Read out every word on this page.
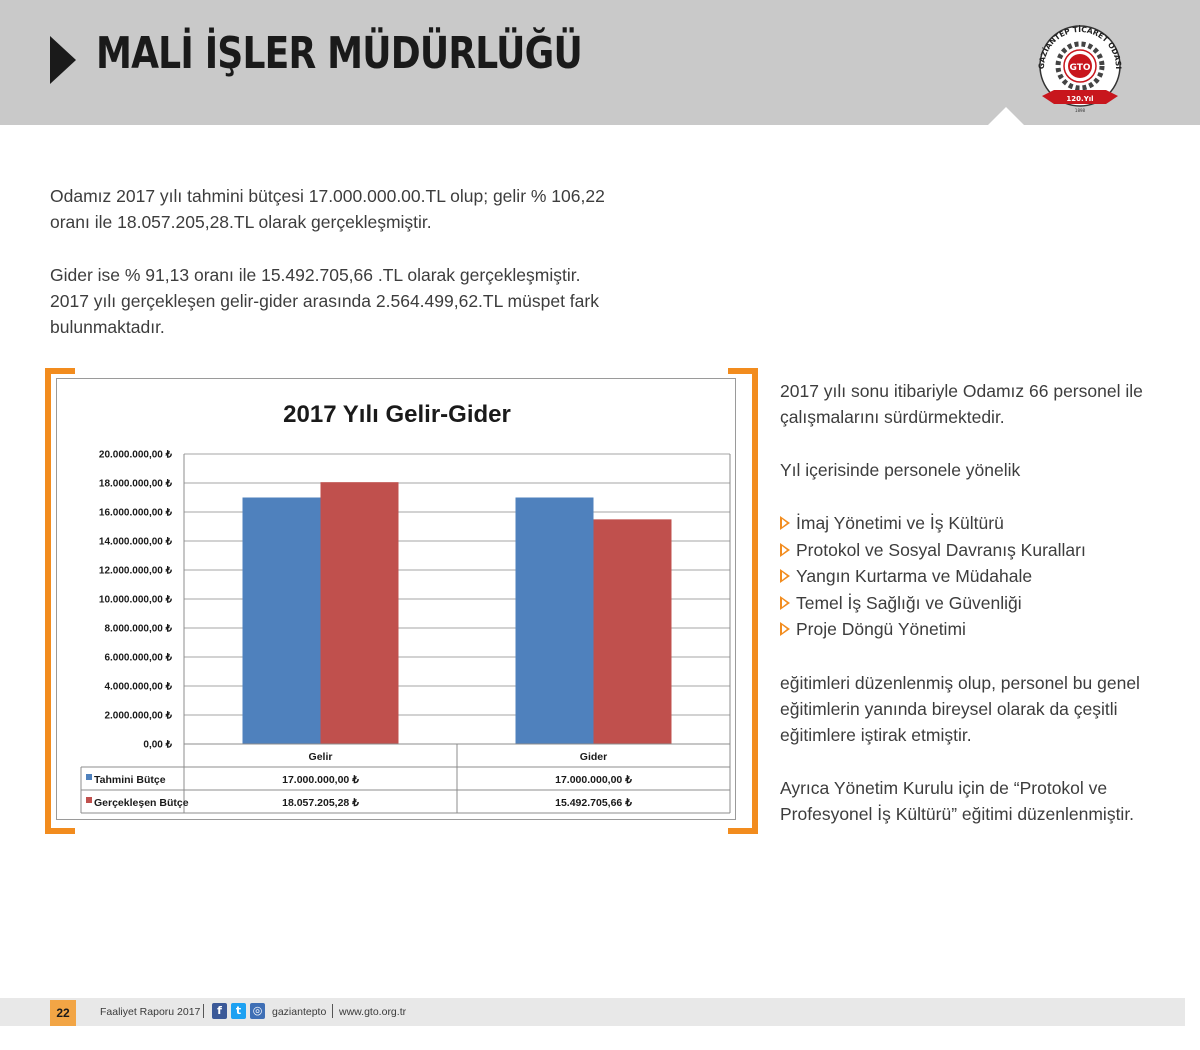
MALİ İŞLER MÜDÜRLÜĞÜ	GTO
GAZİANTEP TİCARET ODASI
120.Yıl
1898
Odamız 2017 yılı tahmini bütçesi 17.000.000.00.TL olup; gelir % 106,22
oranı ile 18.057.205,28.TL olarak gerçekleşmiştir.
Gider ise % 91,13 oranı ile 15.492.705,66 .TL olarak gerçekleşmiştir.
2017 yılı gerçekleşen gelir-gider arasında 2.564.499,62.TL müspet fark
bulunmaktadır.
2017 Yılı Gelir-Gider
0,00 ₺
2.000.000,00 ₺
4.000.000,00 ₺
6.000.000,00 ₺
8.000.000,00 ₺
10.000.000,00 ₺
12.000.000,00 ₺
14.000.000,00 ₺
16.000.000,00 ₺
18.000.000,00 ₺
20.000.000,00 ₺
Gelir	Gider
Tahmini Bütçe	17.000.000,00 ₺	17.000.000,00 ₺
Gerçekleşen Bütçe	18.057.205,28 ₺	15.492.705,66 ₺
2017 yılı sonu itibariyle Odamız 66 personel ile
çalışmalarını sürdürmektedir.
Yıl içerisinde personele yönelik
İmaj Yönetimi ve İş Kültürü
Protokol ve Sosyal Davranış Kuralları
Yangın Kurtarma ve Müdahale
Temel İş Sağlığı ve Güvenliği
Proje Döngü Yönetimi
eğitimleri düzenlenmiş olup, personel bu genel
eğitimlerin yanında bireysel olarak da çeşitli
eğitimlere iştirak etmiştir.
Ayrıca Yönetim Kurulu için de “Protokol ve
Profesyonel İş Kültürü” eğitimi düzenlenmiştir.
22	Faaliyet Raporu 2017	f	t	◎ gaziantepto www.gto.org.tr
